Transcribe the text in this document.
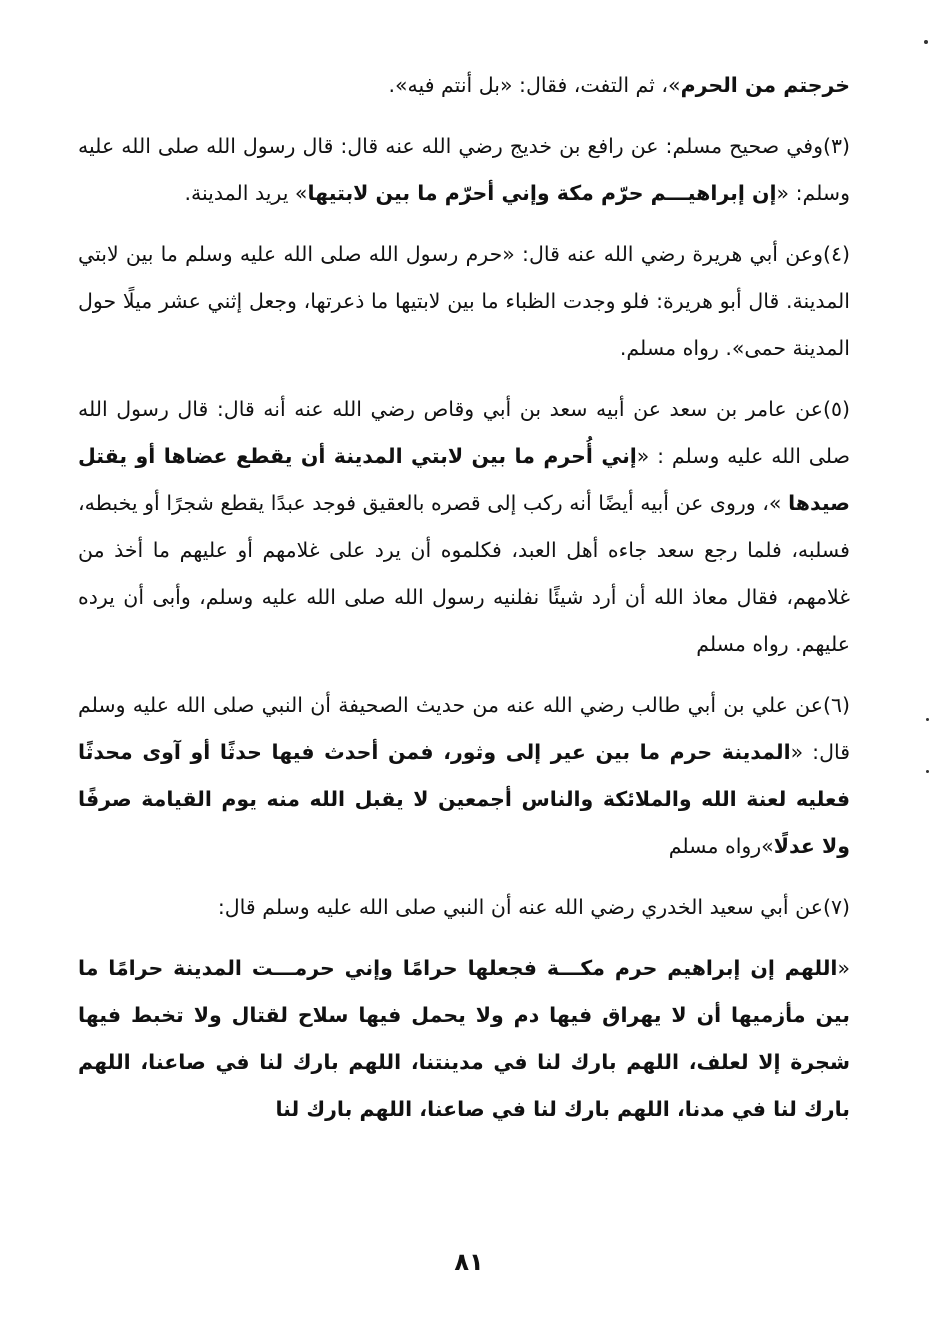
خرجتم من الحرم»، ثم التفت، فقال: «بل أنتم فيه».

(٣)وفي صحيح مسلم: عن رافع بن خديج رضي الله عنه قال: قال رسول الله صلى الله عليه وسلم: «إن إبراهيـــم حرّم مكة وإني أحرّم ما بين لابتيها» يريد المدينة.

(٤)وعن أبي هريرة رضي الله عنه قال: «حرم رسول الله صلى الله عليه وسلم ما بين لابتي المدينة. قال أبو هريرة: فلو وجدت الظباء ما بين لابتيها ما ذعرتها، وجعل إثني عشر ميلًا حول المدينة حمى». رواه مسلم.

(٥)عن عامر بن سعد عن أبيه سعد بن أبي وقاص رضي الله عنه أنه قال: قال رسول الله صلى الله عليه وسلم : «إني أُحرم ما بين لابتي المدينة أن يقطع عضاها أو يقتل صيدها »، وروى عن أبيه أيضًا أنه ركب إلى قصره بالعقيق فوجد عبدًا يقطع شجرًا أو يخبطه، فسلبه، فلما رجع سعد جاءه أهل العبد، فكلموه أن يرد على غلامهم أو عليهم ما أخذ من غلامهم، فقال معاذ الله أن أرد شيئًا نفلنيه رسول الله صلى الله عليه وسلم، وأبى أن يرده عليهم. رواه مسلم

(٦)عن علي بن أبي طالب رضي الله عنه من حديث الصحيفة أن النبي صلى الله عليه وسلم قال: «المدينة حرم ما بين عير إلى وثور، فمن أحدث فيها حدثًا أو آوى محدثًا فعليه لعنة الله والملائكة والناس أجمعين لا يقبل الله منه يوم القيامة صرفًا ولا عدلًا»رواه مسلم

(٧)عن أبي سعيد الخدري رضي الله عنه أن النبي صلى الله عليه وسلم قال:

«اللهم إن إبراهيم حرم مكـــة فجعلها حرامًا وإني حرمـــت المدينة حرامًا ما بين مأزميها أن لا يهراق فيها دم ولا يحمل فيها سلاح لقتال ولا تخبط فيها شجرة إلا لعلف، اللهم بارك لنا في مدينتنا، اللهم بارك لنا في صاعنا، اللهم بارك لنا في مدنا، اللهم بارك لنا في صاعنا، اللهم بارك لنا

٨١
